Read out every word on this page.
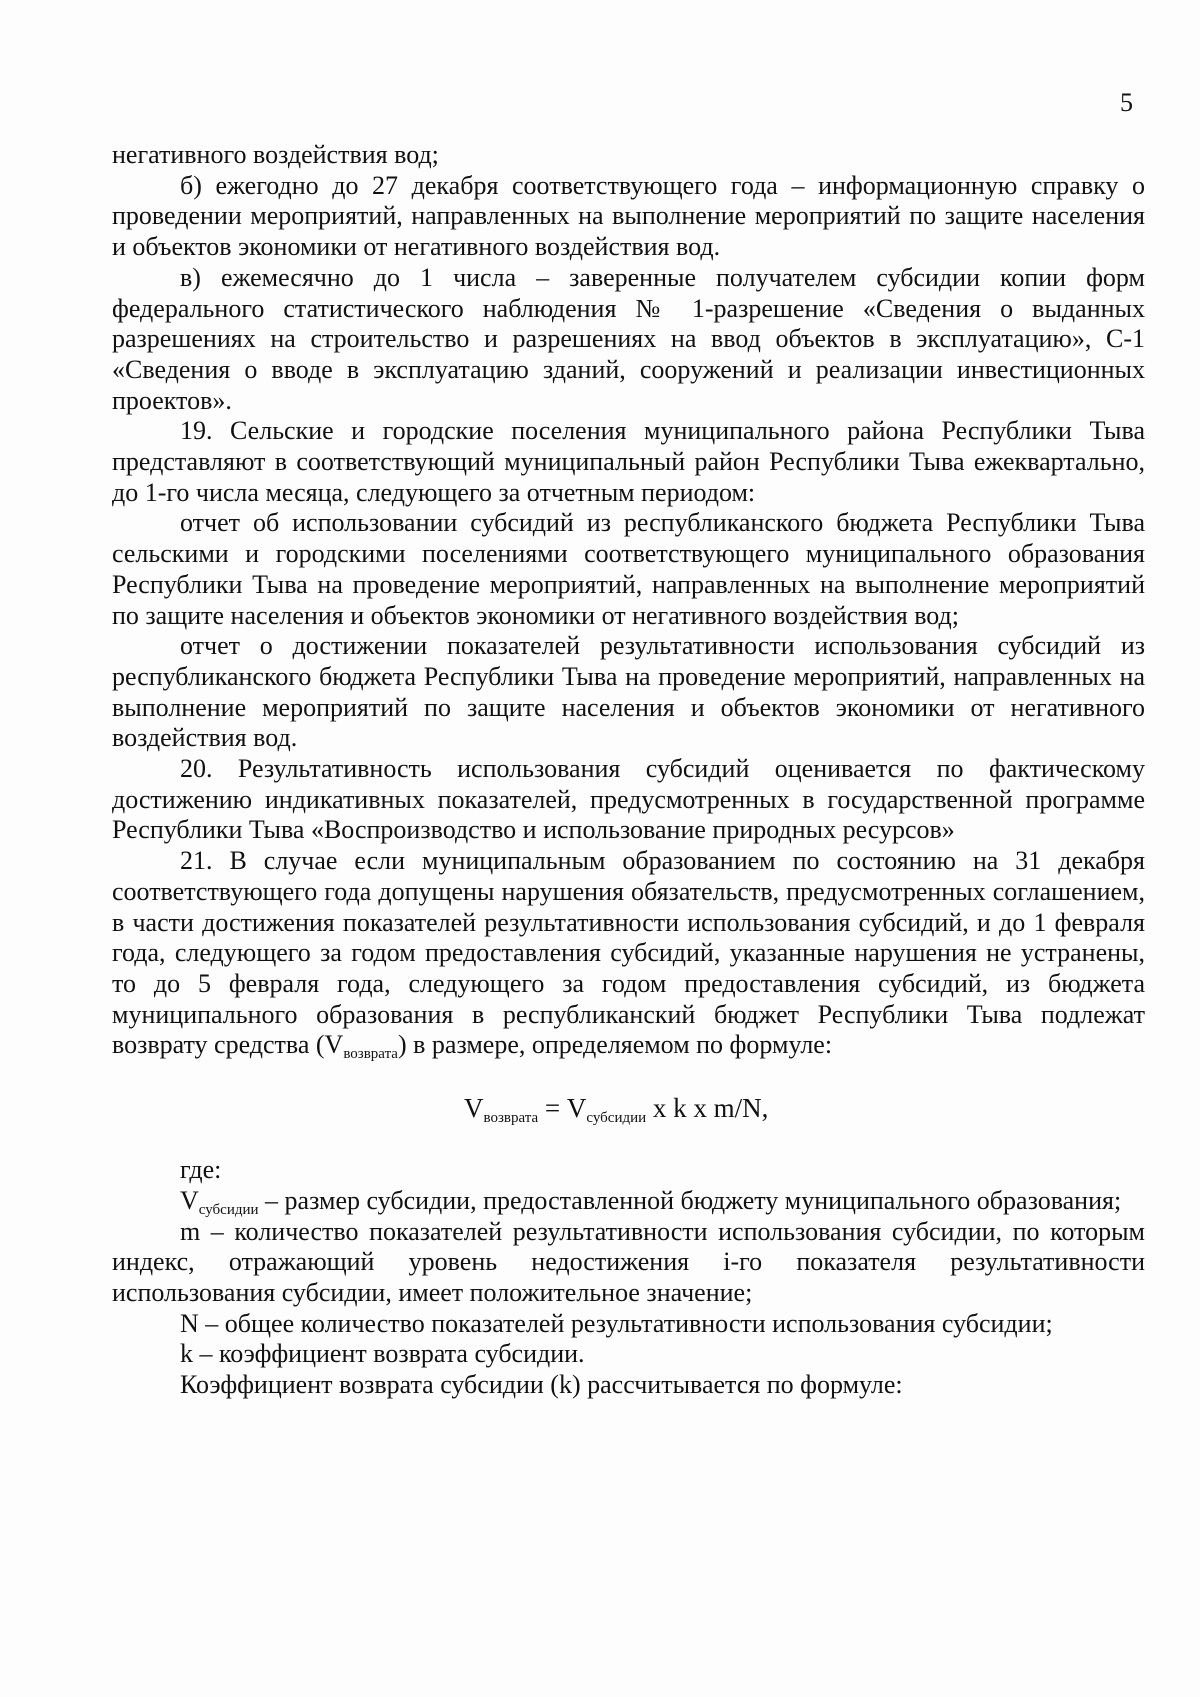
5

негативного воздействия вод;

б) ежегодно до 27 декабря соответствующего года – информационную справку о проведении мероприятий, направленных на выполнение мероприятий по защите населения и объектов экономики от негативного воздействия вод.

в) ежемесячно до 1 числа – заверенные получателем субсидии копии форм федерального статистического наблюдения № 1-разрешение «Сведения о выданных разрешениях на строительство и разрешениях на ввод объектов в эксплуатацию», С-1 «Сведения о вводе в эксплуатацию зданий, сооружений и реализации инвестиционных проектов».

19. Сельские и городские поселения муниципального района Республики Тыва представляют в соответствующий муниципальный район Республики Тыва ежеквартально, до 1-го числа месяца, следующего за отчетным периодом:

отчет об использовании субсидий из республиканского бюджета Республики Тыва сельскими и городскими поселениями соответствующего муниципального образования Республики Тыва на проведение мероприятий, направленных на выполнение мероприятий по защите населения и объектов экономики от негативного воздействия вод;

отчет о достижении показателей результативности использования субсидий из республиканского бюджета Республики Тыва на проведение мероприятий, направленных на выполнение мероприятий по защите населения и объектов экономики от негативного воздействия вод.

20. Результативность использования субсидий оценивается по фактическому достижению индикативных показателей, предусмотренных в государственной программе Республики Тыва «Воспроизводство и использование природных ресурсов»

21. В случае если муниципальным образованием по состоянию на 31 декабря соответствующего года допущены нарушения обязательств, предусмотренных соглашением, в части достижения показателей результативности использования субсидий, и до 1 февраля года, следующего за годом предоставления субсидий, указанные нарушения не устранены, то до 5 февраля года, следующего за годом предоставления субсидий, из бюджета муниципального образования в республиканский бюджет Республики Тыва подлежат возврату средства $(V_{возврата})$ в размере, определяемом по формуле:

$V_{возврата} = V_{субсидии}$ x k x m/N,

где:

$V_{субсидии}$ – размер субсидии, предоставленной бюджету муниципального образования;

m – количество показателей результативности использования субсидии, по которым индекс, отражающий уровень недостижения i-го показателя результативности использования субсидии, имеет положительное значение;

N – общее количество показателей результативности использования субсидии;

k – коэффициент возврата субсидии.

Коэффициент возврата субсидии (k) рассчитывается по формуле:
